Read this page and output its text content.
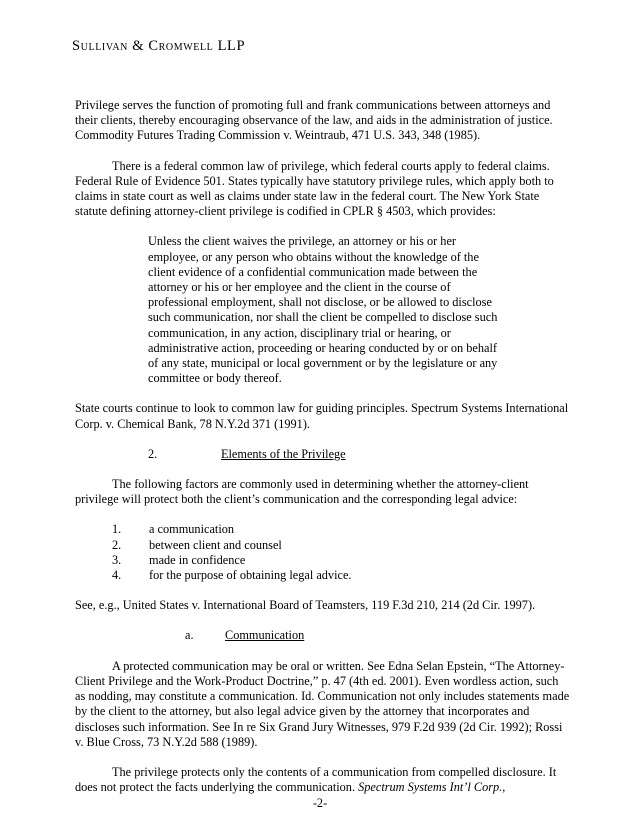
Sullivan & Cromwell LLP

Privilege serves the function of promoting full and frank communications between attorneys and their clients, thereby encouraging observance of the law, and aids in the administration of justice. Commodity Futures Trading Commission v. Weintraub, 471 U.S. 343, 348 (1985).

There is a federal common law of privilege, which federal courts apply to federal claims. Federal Rule of Evidence 501. States typically have statutory privilege rules, which apply both to claims in state court as well as claims under state law in the federal court. The New York State statute defining attorney-client privilege is codified in CPLR § 4503, which provides:

Unless the client waives the privilege, an attorney or his or her employee, or any person who obtains without the knowledge of the client evidence of a confidential communication made between the attorney or his or her employee and the client in the course of professional employment, shall not disclose, or be allowed to disclose such communication, nor shall the client be compelled to disclose such communication, in any action, disciplinary trial or hearing, or administrative action, proceeding or hearing conducted by or on behalf of any state, municipal or local government or by the legislature or any committee or body thereof.

State courts continue to look to common law for guiding principles. Spectrum Systems International Corp. v. Chemical Bank, 78 N.Y.2d 371 (1991).

2.	Elements of the Privilege

The following factors are commonly used in determining whether the attorney-client privilege will protect both the client’s communication and the corresponding legal advice:

1.	a communication
2.	between client and counsel
3.	made in confidence
4.	for the purpose of obtaining legal advice.

See, e.g., United States v. International Board of Teamsters, 119 F.3d 210, 214 (2d Cir. 1997).

a.	Communication

A protected communication may be oral or written. See Edna Selan Epstein, “The Attorney-Client Privilege and the Work-Product Doctrine,” p. 47 (4th ed. 2001). Even wordless action, such as nodding, may constitute a communication. Id. Communication not only includes statements made by the client to the attorney, but also legal advice given by the attorney that incorporates and discloses such information. See In re Six Grand Jury Witnesses, 979 F.2d 939 (2d Cir. 1992); Rossi v. Blue Cross, 73 N.Y.2d 588 (1989).

The privilege protects only the contents of a communication from compelled disclosure. It does not protect the facts underlying the communication. Spectrum Systems Int’l Corp.,

-2-
